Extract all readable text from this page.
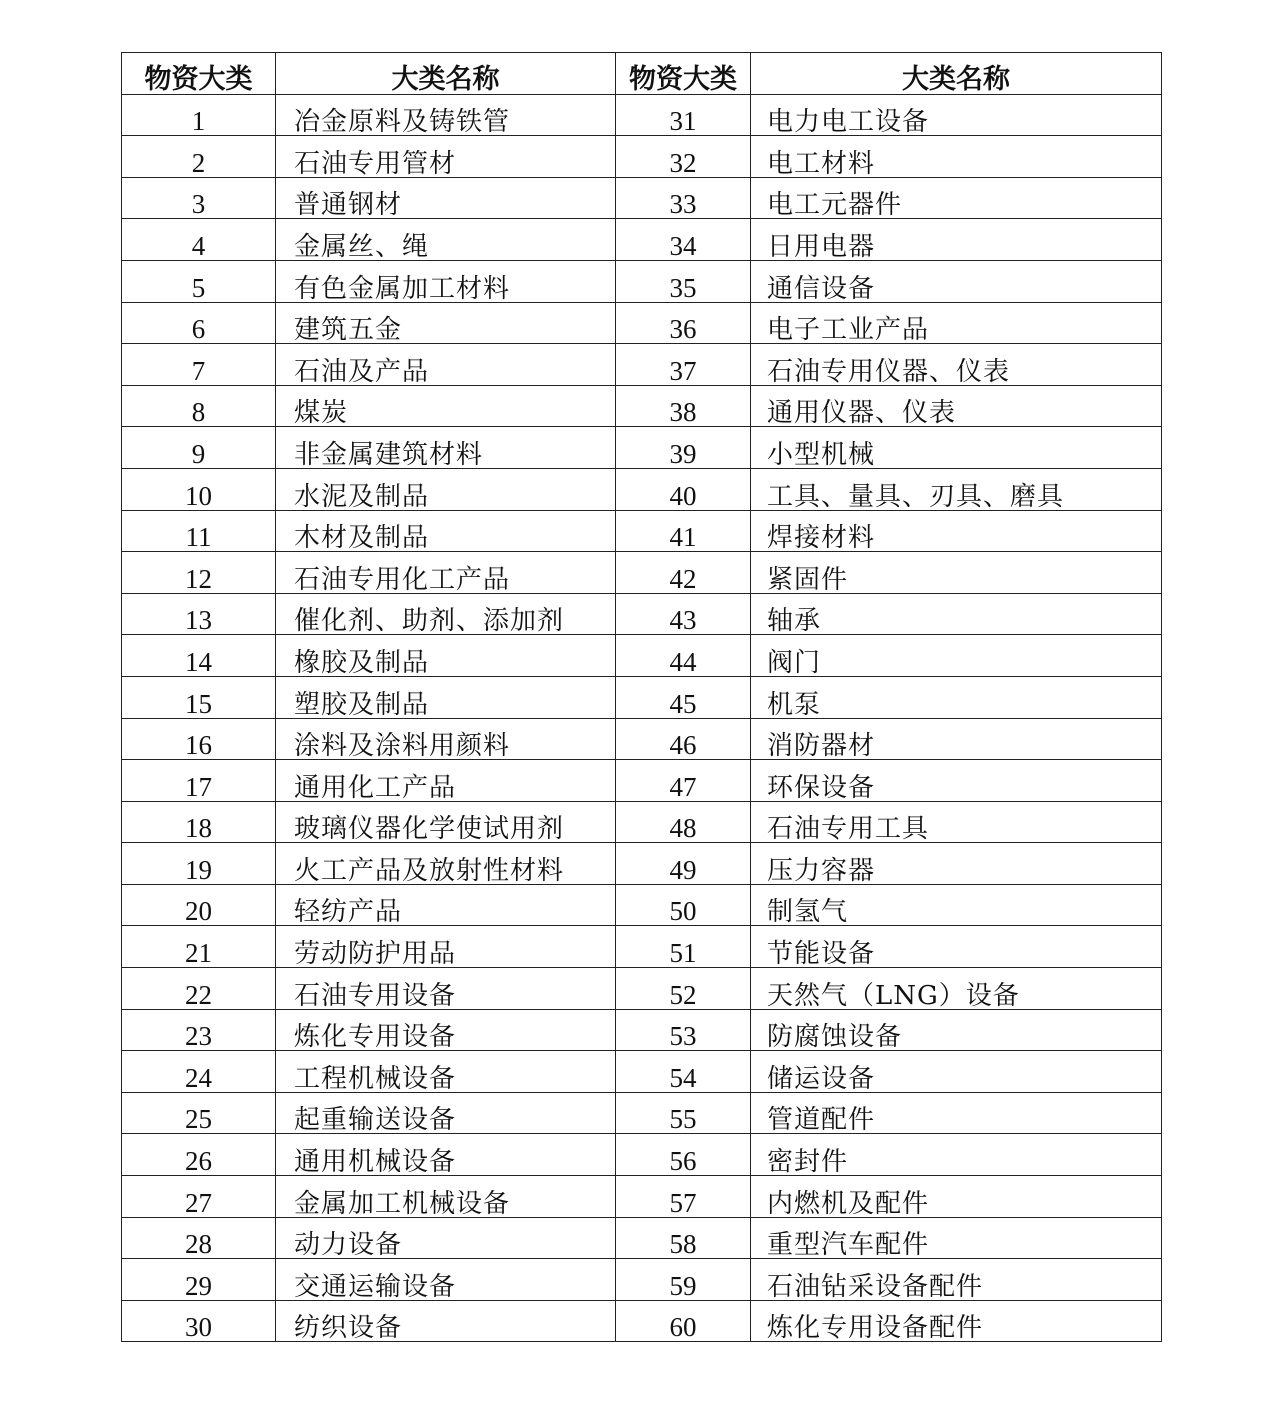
物资大类	大类名称	物资大类	大类名称
1	冶金原料及铸铁管	31	电力电工设备
2	石油专用管材	32	电工材料
3	普通钢材	33	电工元器件
4	金属丝、绳	34	日用电器
5	有色金属加工材料	35	通信设备
6	建筑五金	36	电子工业产品
7	石油及产品	37	石油专用仪器、仪表
8	煤炭	38	通用仪器、仪表
9	非金属建筑材料	39	小型机械
10	水泥及制品	40	工具、量具、刃具、磨具
11	木材及制品	41	焊接材料
12	石油专用化工产品	42	紧固件
13	催化剂、助剂、添加剂	43	轴承
14	橡胶及制品	44	阀门
15	塑胶及制品	45	机泵
16	涂料及涂料用颜料	46	消防器材
17	通用化工产品	47	环保设备
18	玻璃仪器化学使试用剂	48	石油专用工具
19	火工产品及放射性材料	49	压力容器
20	轻纺产品	50	制氢气
21	劳动防护用品	51	节能设备
22	石油专用设备	52	天然气（LNG）设备
23	炼化专用设备	53	防腐蚀设备
24	工程机械设备	54	储运设备
25	起重输送设备	55	管道配件
26	通用机械设备	56	密封件
27	金属加工机械设备	57	内燃机及配件
28	动力设备	58	重型汽车配件
29	交通运输设备	59	石油钻采设备配件
30	纺织设备	60	炼化专用设备配件
